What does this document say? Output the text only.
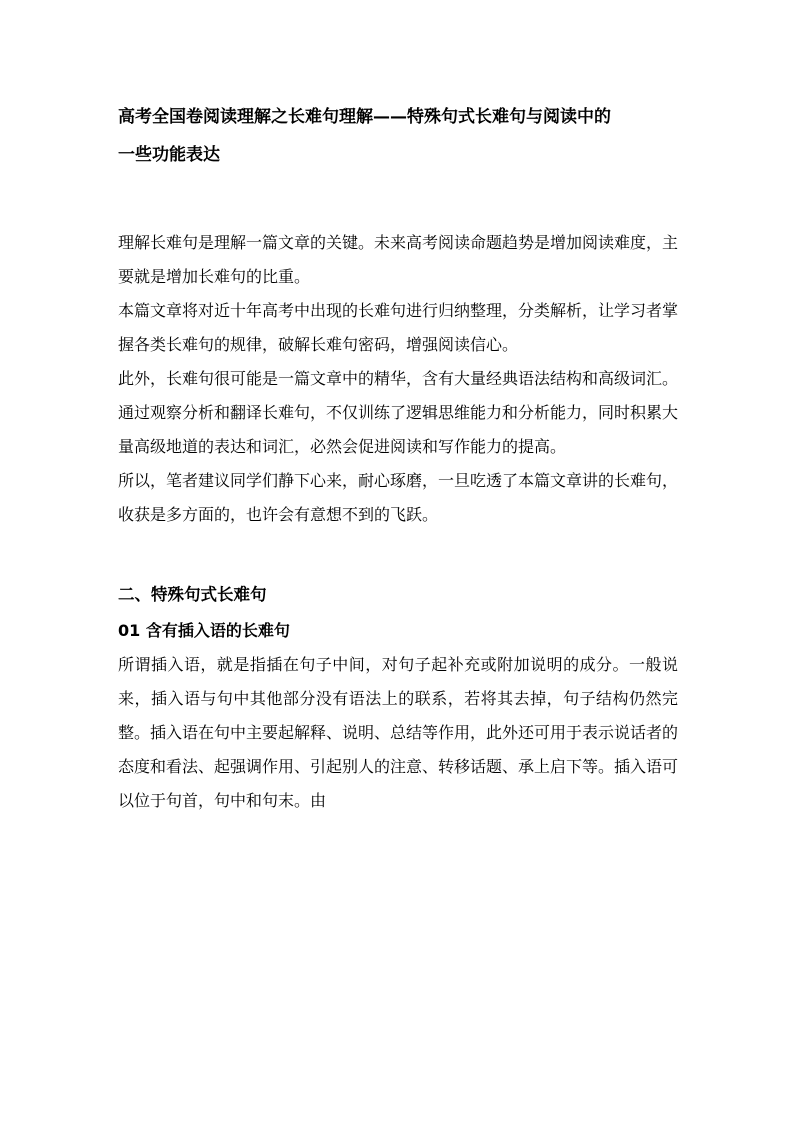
高考全国卷阅读理解之长难句理解——特殊句式长难句与阅读中的

一些功能表达

理解长难句是理解一篇文章的关键。未来高考阅读命题趋势是增加阅读难度，主要就是增加长难句的比重。

本篇文章将对近十年高考中出现的长难句进行归纳整理，分类解析，让学习者掌握各类长难句的规律，破解长难句密码，增强阅读信心。

此外，长难句很可能是一篇文章中的精华，含有大量经典语法结构和高级词汇。

通过观察分析和翻译长难句，不仅训练了逻辑思维能力和分析能力，同时积累大量高级地道的表达和词汇，必然会促进阅读和写作能力的提高。

所以，笔者建议同学们静下心来，耐心琢磨，一旦吃透了本篇文章讲的长难句，收获是多方面的，也许会有意想不到的飞跃。

二、特殊句式长难句

01 含有插入语的长难句

所谓插入语，就是指插在句子中间，对句子起补充或附加说明的成分。一般说来，插入语与句中其他部分没有语法上的联系，若将其去掉，句子结构仍然完整。插入语在句中主要起解释、说明、总结等作用，此外还可用于表示说话者的态度和看法、起强调作用、引起别人的注意、转移话题、承上启下等。插入语可以位于句首，句中和句末。由
